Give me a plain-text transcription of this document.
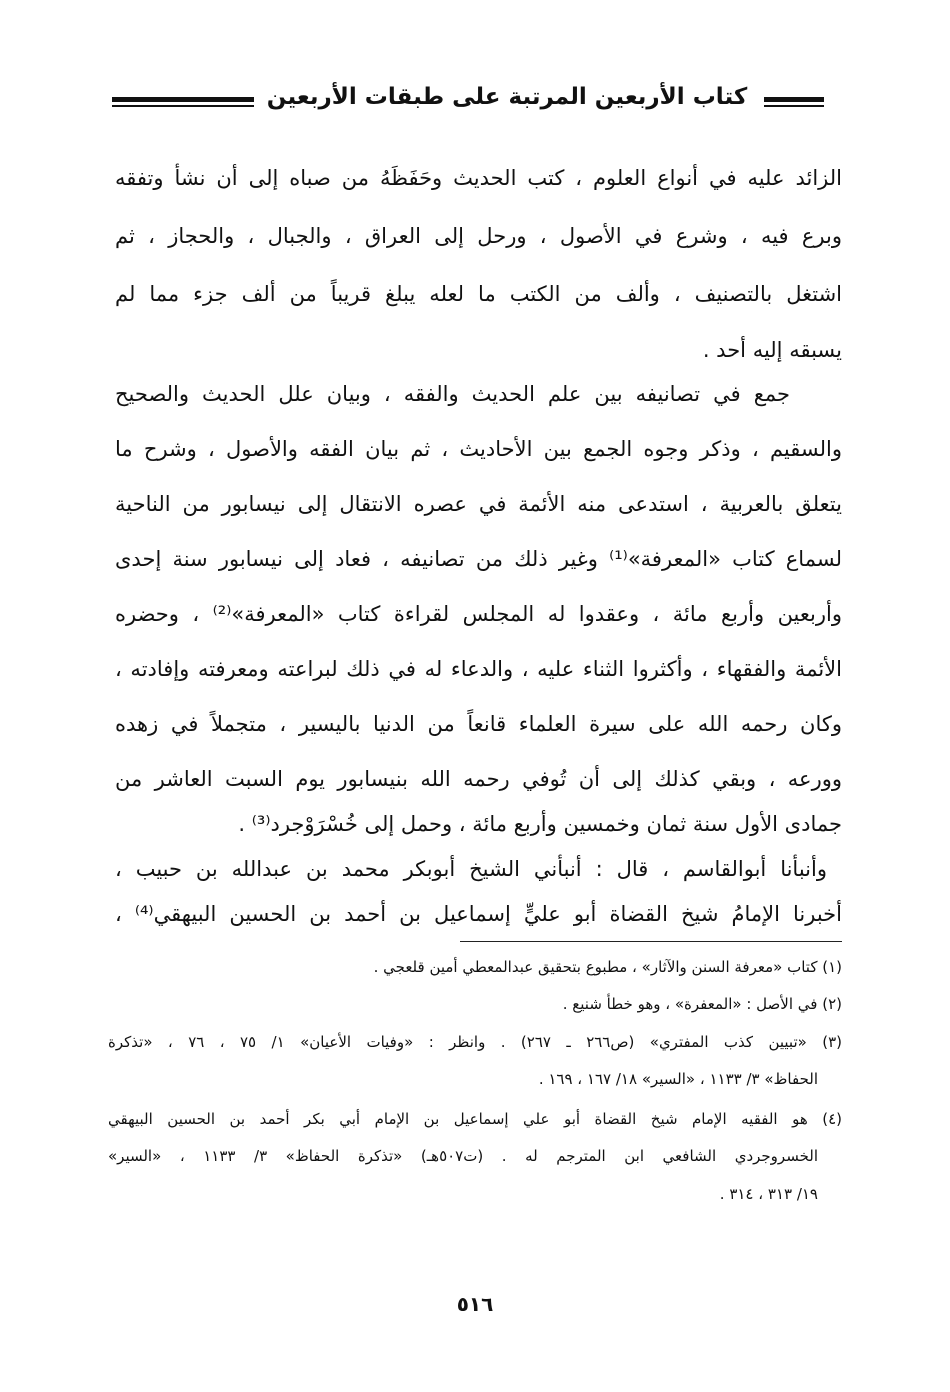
كتاب الأربعين المرتبة على طبقات الأربعين
الزائد عليه في أنواع العلوم ، كتب الحديث وحَفَظَهُ من صباه إلى أن نشأ وتفقه
وبرع فيه ، وشرع في الأصول ، ورحل إلى العراق ، والجبال ، والحجاز ، ثم
اشتغل بالتصنيف ، وألف من الكتب ما لعله يبلغ قريباً من ألف جزء مما لم
يسبقه إليه أحد .
جمع في تصانيفه بين علم الحديث والفقه ، وبيان علل الحديث والصحيح
والسقيم ، وذكر وجوه الجمع بين الأحاديث ، ثم بيان الفقه والأصول ، وشرح ما
يتعلق بالعربية ، استدعى منه الأئمة في عصره الانتقال إلى نيسابور من الناحية
لسماع كتاب «المعرفة»⁽¹⁾ وغير ذلك من تصانيفه ، فعاد إلى نيسابور سنة إحدى
وأربعين وأربع مائة ، وعقدوا له المجلس لقراءة كتاب «المعرفة»⁽²⁾ ، وحضره
الأئمة والفقهاء ، وأكثروا الثناء عليه ، والدعاء له في ذلك لبراعته ومعرفته وإفادته ،
وكان رحمه الله على سيرة العلماء قانعاً من الدنيا باليسير ، متجملاً في زهده
وورعه ، وبقي كذلك إلى أن تُوفي رحمه الله بنيسابور يوم السبت العاشر من
جمادى الأول سنة ثمان وخمسين وأربع مائة ، وحمل إلى خُسْرَوْجرد⁽³⁾ .
وأنبأنا أبوالقاسم ، قال : أنبأني الشيخ أبوبكر محمد بن عبدالله بن حبيب ،
أخبرنا الإمامُ شيخ القضاة أبو عليٍّ إسماعيل بن أحمد بن الحسين البيهقي⁽⁴⁾ ،
(١) كتاب «معرفة السنن والآثار» ، مطبوع بتحقيق عبدالمعطي أمين قلعجي .
(٢) في الأصل : «المعفرة» ، وهو خطأ شنيع .
(٣) «تبيين كذب المفتري» (ص٢٦٦ ـ ٢٦٧) . وانظر : «وفيات الأعيان» ١/ ٧٥ ، ٧٦ ، «تذكرة
الحفاظ» ٣/ ١١٣٣ ، «السير» ١٨/ ١٦٧ ، ١٦٩ .
(٤) هو الفقيه الإمام شيخ القضاة أبو علي إسماعيل بن الإمام أبي بكر أحمد بن الحسين البيهقي
الخسروجردي الشافعي ابن المترجم له . (ت٥٠٧هـ) «تذكرة الحفاظ» ٣/ ١١٣٣ ، «السير»
١٩/ ٣١٣ ، ٣١٤ .
٥١٦
